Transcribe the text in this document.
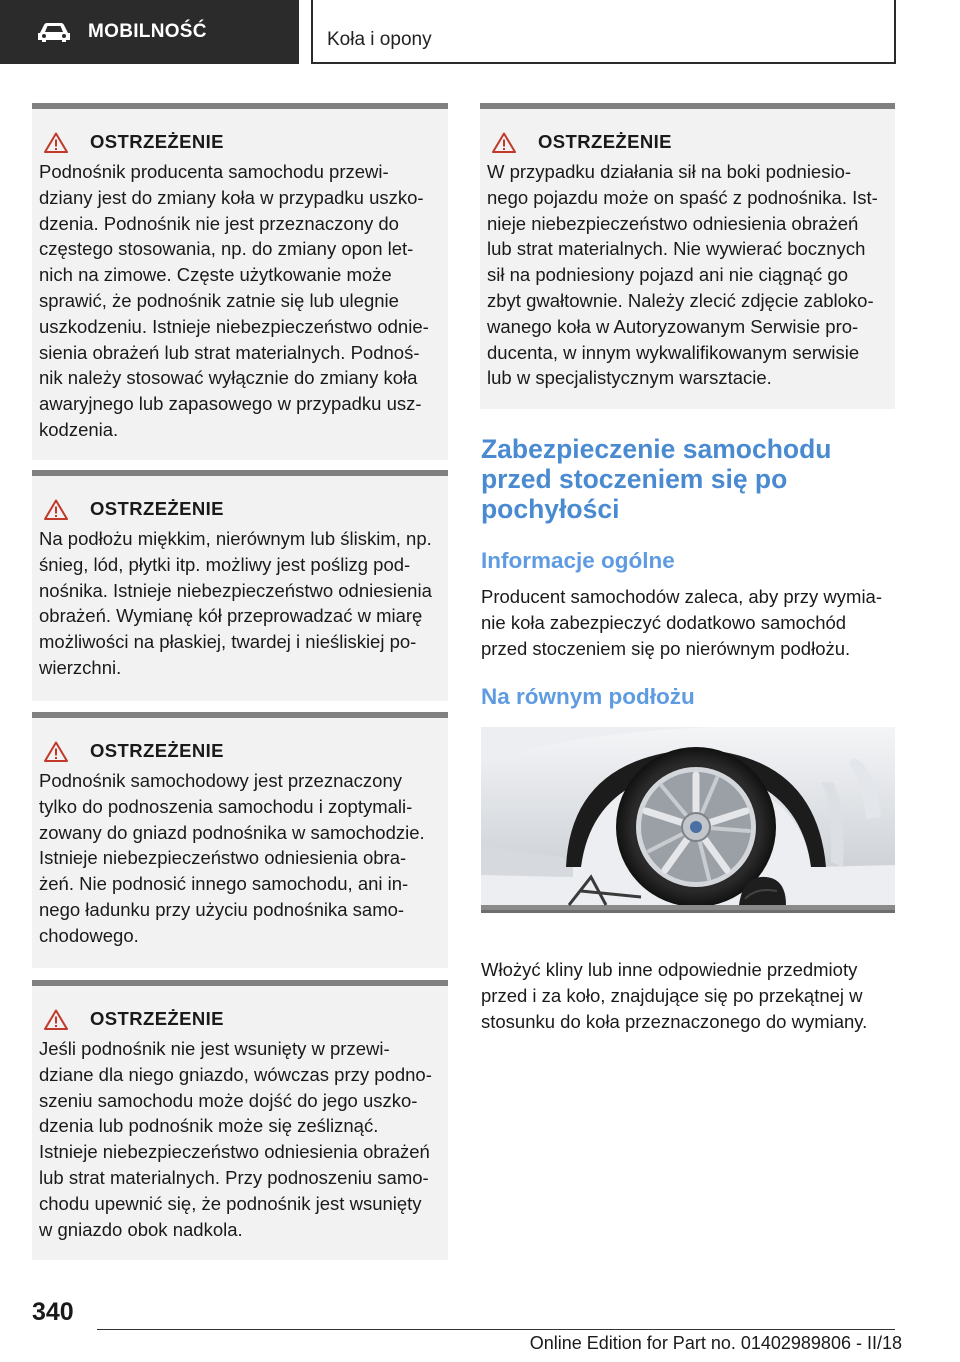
MOBILNOŚĆ	Koła i opony
OSTRZEŻENIE
Podnośnik producenta samochodu przewi-
dziany jest do zmiany koła w przypadku uszko-
dzenia. Podnośnik nie jest przeznaczony do
częstego stosowania, np. do zmiany opon let-
nich na zimowe. Częste użytkowanie może
sprawić, że podnośnik zatnie się lub ulegnie
uszkodzeniu. Istnieje niebezpieczeństwo odnie-
sienia obrażeń lub strat materialnych. Podnoś-
nik należy stosować wyłącznie do zmiany koła
awaryjnego lub zapasowego w przypadku usz-
kodzenia.
OSTRZEŻENIE
Na podłożu miękkim, nierównym lub śliskim, np.
śnieg, lód, płytki itp. możliwy jest poślizg pod-
nośnika. Istnieje niebezpieczeństwo odniesienia
obrażeń. Wymianę kół przeprowadzać w miarę
możliwości na płaskiej, twardej i nieśliskiej po-
wierzchni.
OSTRZEŻENIE
Podnośnik samochodowy jest przeznaczony
tylko do podnoszenia samochodu i zoptymali-
zowany do gniazd podnośnika w samochodzie.
Istnieje niebezpieczeństwo odniesienia obra-
żeń. Nie podnosić innego samochodu, ani in-
nego ładunku przy użyciu podnośnika samo-
chodowego.
OSTRZEŻENIE
Jeśli podnośnik nie jest wsunięty w przewi-
dziane dla niego gniazdo, wówczas przy podno-
szeniu samochodu może dojść do jego uszko-
dzenia lub podnośnik może się ześliznąć.
Istnieje niebezpieczeństwo odniesienia obrażeń
lub strat materialnych. Przy podnoszeniu samo-
chodu upewnić się, że podnośnik jest wsunięty
w gniazdo obok nadkola.
OSTRZEŻENIE
W przypadku działania sił na boki podniesio-
nego pojazdu może on spaść z podnośnika. Ist-
nieje niebezpieczeństwo odniesienia obrażeń
lub strat materialnych. Nie wywierać bocznych
sił na podniesiony pojazd ani nie ciągnąć go
zbyt gwałtownie. Należy zlecić zdjęcie zabloko-
wanego koła w Autoryzowanym Serwisie pro-
ducenta, w innym wykwalifikowanym serwisie
lub w specjalistycznym warsztacie.
Zabezpieczenie samochodu
przed stoczeniem się po
pochyłości
Informacje ogólne
Producent samochodów zaleca, aby przy wymia-
nie koła zabezpieczyć dodatkowo samochód
przed stoczeniem się po nierównym podłożu.
Na równym podłożu
Włożyć kliny lub inne odpowiednie przedmioty
przed i za koło, znajdujące się po przekątnej w
stosunku do koła przeznaczonego do wymiany.
340
Online Edition for Part no. 01402989806 - II/18
